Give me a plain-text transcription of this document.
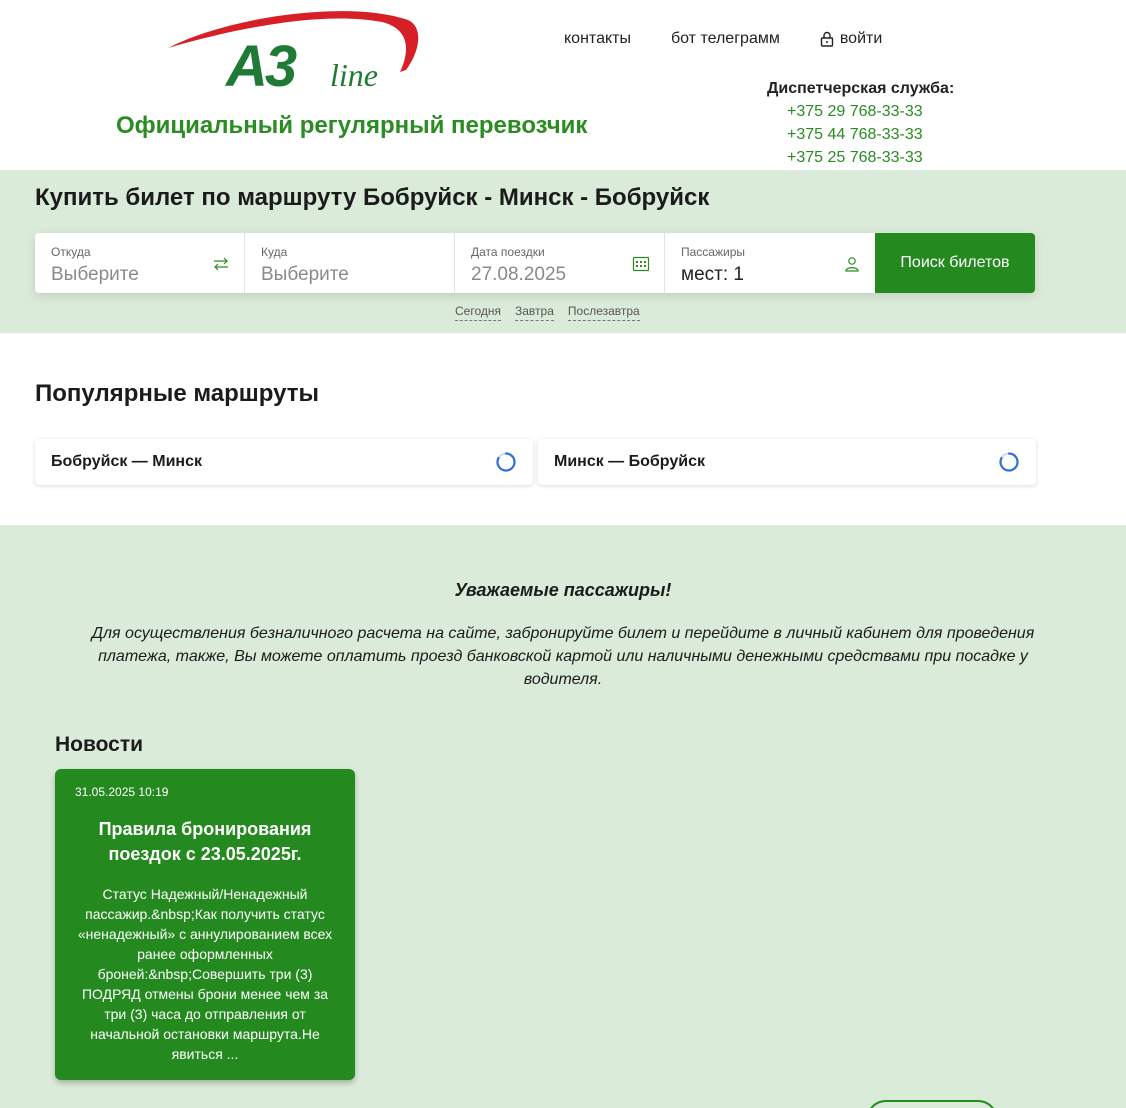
A3 line
Официальный регулярный перевозчик
контакты	бот телеграмм	войти
Диспетчерская служба:
+375 29 768-33-33
+375 44 768-33-33
+375 25 768-33-33
Купить билет по маршруту Бобруйск - Минск - Бобруйск
Откуда
Выберите
Куда
Выберите
Дата поездки
27.08.2025
Пассажиры
мест: 1
Поиск билетов
Сегодня Завтра Послезавтра
Популярные маршруты
Бобруйск — Минск	Минск — Бобруйск
Уважаемые пассажиры!
Для осуществления безналичного расчета на сайте, забронируйте билет и перейдите в личный кабинет для проведения платежа, также, Вы можете оплатить проезд банковской картой или наличными денежными средствами при посадке у водителя.
Новости
31.05.2025 10:19
Правила бронирования поездок с 23.05.2025г.
Статус Надежный/Ненадежный пассажир.&nbsp;Как получить статус «ненадежный» с аннулированием всех ранее оформленных броней:&nbsp;Совершить три (3) ПОДРЯД отмены брони менее чем за три (3) часа до отправления от начальной остановки маршрута.Не явиться ...
